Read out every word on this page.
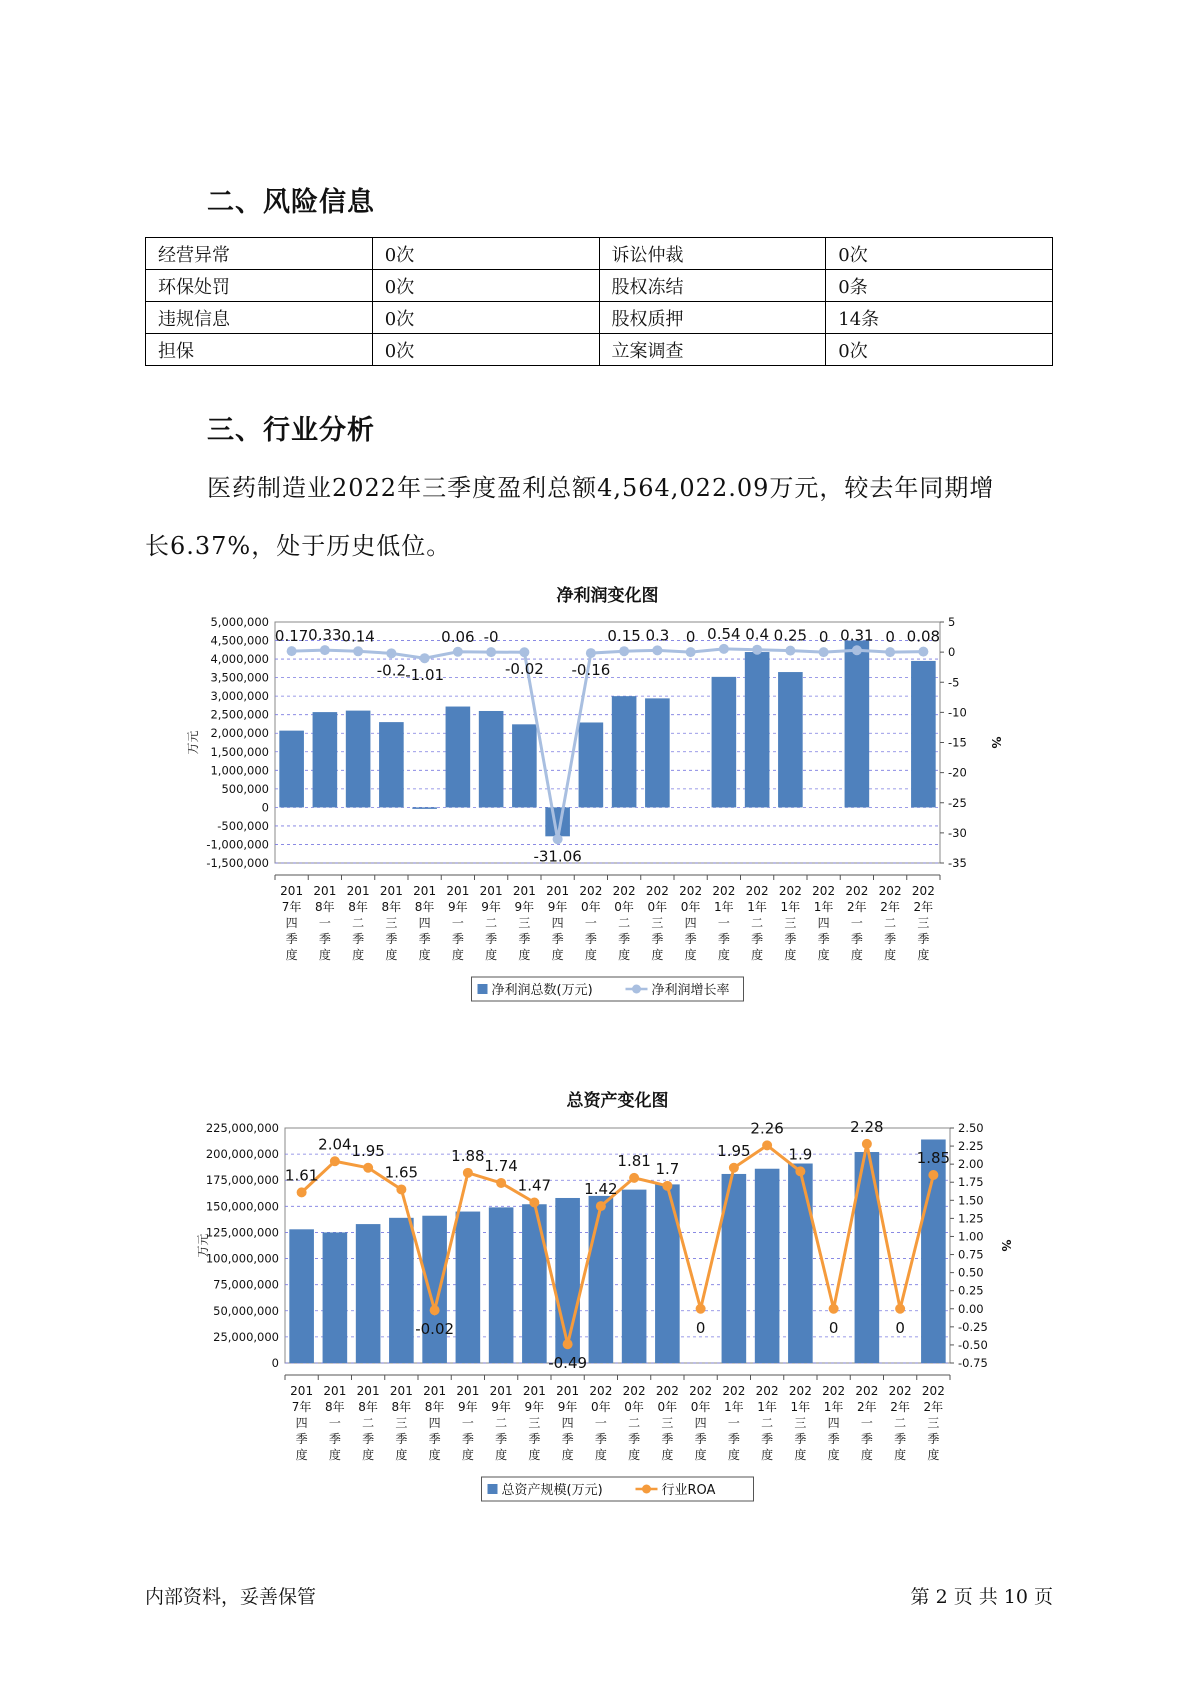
二、风险信息
经营异常	0次	诉讼仲裁	0次
环保处罚	0次	股权冻结	0条
违规信息	0次	股权质押	14条
担保	0次	立案调查	0次
三、行业分析
医药制造业2022年三季度盈利总额4,564,022.09万元，较去年同期增
长6.37%，处于历史低位。
净利润变化图
5,000,000
4,500,000
4,000,000
3,500,000
3,000,000
2,500,000
2,000,000
1,500,000
1,000,000
500,000
0
-500,000
-1,000,000
-1,500,000
5
0
-5
-10
-15
-20
-25
-30
-35
万元	%
0.17 0.33 0.14
-0.2 -1.01
0.06 -0
-0.02
-31.06
-0.16
0.15 0.3 0 0.54 0.4 0.25 0 0.31 0 0.08
201
7年
四
季
度
201
8年
一
季
度
201
8年
二
季
度
201
8年
三
季
度
201
8年
四
季
度
201
9年
一
季
度
201
9年
二
季
度
201
9年
三
季
度
201
9年
四
季
度
202
0年
一
季
度
202
0年
二
季
度
202
0年
三
季
度
202
0年
四
季
度
202
1年
一
季
度
202
1年
二
季
度
202
1年
三
季
度
202
1年
四
季
度
202
2年
一
季
度
202
2年
二
季
度
202
2年
三
季
度
净利润总数(万元)	净利润增长率
总资产变化图
225,000,000
200,000,000
175,000,000
150,000,000
125,000,000
100,000,000
75,000,000
50,000,000
25,000,000
0
2.50
2.25
2.00
1.75
1.50
1.25
1.00
0.75
0.50
0.25
0.00
-0.25
-0.50
-0.75
万元	%
1.61
2.04 1.95
1.65
-0.02
1.88
1.74
1.47
-0.49
1.42
1.81 1.7
0
1.95
2.26
1.9
0
2.28
0
1.85
201
7年
四
季
度
201
8年
一
季
度
201
8年
二
季
度
201
8年
三
季
度
201
8年
四
季
度
201
9年
一
季
度
201
9年
二
季
度
201
9年
三
季
度
201
9年
四
季
度
202
0年
一
季
度
202
0年
二
季
度
202
0年
三
季
度
202
0年
四
季
度
202
1年
一
季
度
202
1年
二
季
度
202
1年
三
季
度
202
1年
四
季
度
202
2年
一
季
度
202
2年
二
季
度
202
2年
三
季
度
总资产规模(万元)	行业ROA
内部资料，妥善保管	第 2 页 共 10 页
